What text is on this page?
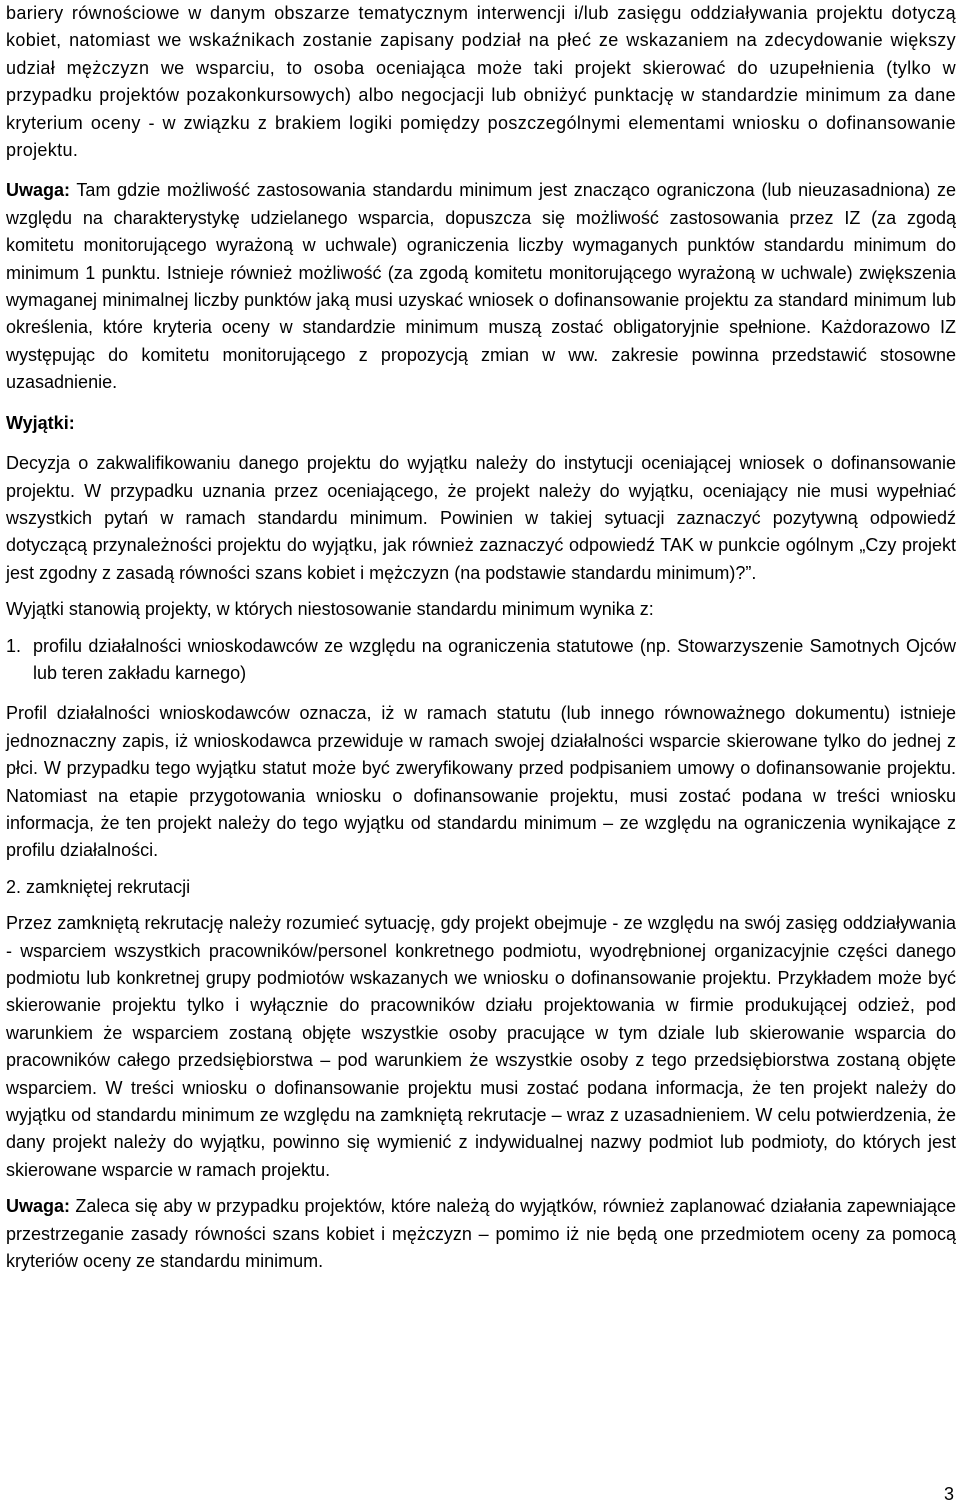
bariery równościowe w danym obszarze tematycznym interwencji i/lub zasięgu oddziaływania projektu dotyczą kobiet, natomiast we wskaźnikach zostanie zapisany podział na płeć ze wskazaniem na zdecydowanie większy udział mężczyzn we wsparciu, to osoba oceniająca może taki projekt skierować do uzupełnienia (tylko w przypadku projektów pozakonkursowych) albo negocjacji lub obniżyć punktację w standardzie minimum za dane kryterium oceny - w związku z brakiem logiki pomiędzy poszczególnymi elementami wniosku o dofinansowanie projektu.

Uwaga: Tam gdzie możliwość zastosowania standardu minimum jest znacząco ograniczona (lub nieuzasadniona) ze względu na charakterystykę udzielanego wsparcia, dopuszcza się możliwość zastosowania przez IZ (za zgodą komitetu monitorującego wyrażoną w uchwale) ograniczenia liczby wymaganych punktów standardu minimum do minimum 1 punktu. Istnieje również możliwość (za zgodą komitetu monitorującego wyrażoną w uchwale) zwiększenia wymaganej minimalnej liczby punktów jaką musi uzyskać wniosek o dofinansowanie projektu za standard minimum lub określenia, które kryteria oceny w standardzie minimum muszą zostać obligatoryjnie spełnione. Każdorazowo IZ występując do komitetu monitorującego z propozycją zmian w ww. zakresie powinna przedstawić stosowne uzasadnienie.

Wyjątki:

Decyzja o zakwalifikowaniu danego projektu do wyjątku należy do instytucji oceniającej wniosek o dofinansowanie projektu. W przypadku uznania przez oceniającego, że projekt należy do wyjątku, oceniający nie musi wypełniać wszystkich pytań w ramach standardu minimum. Powinien w takiej sytuacji zaznaczyć pozytywną odpowiedź dotyczącą przynależności projektu do wyjątku, jak również zaznaczyć odpowiedź TAK w punkcie ogólnym „Czy projekt jest zgodny z zasadą równości szans kobiet i mężczyzn (na podstawie standardu minimum)?”.

Wyjątki stanowią projekty, w których niestosowanie standardu minimum wynika z:

1. profilu działalności wnioskodawców ze względu na ograniczenia statutowe (np. Stowarzyszenie Samotnych Ojców lub teren zakładu karnego)

Profil działalności wnioskodawców oznacza, iż w ramach statutu (lub innego równoważnego dokumentu) istnieje jednoznaczny zapis, iż wnioskodawca przewiduje w ramach swojej działalności wsparcie skierowane tylko do jednej z płci. W przypadku tego wyjątku statut może być zweryfikowany przed podpisaniem umowy o dofinansowanie projektu. Natomiast na etapie przygotowania wniosku o dofinansowanie projektu, musi zostać podana w treści wniosku informacja, że ten projekt należy do tego wyjątku od standardu minimum – ze względu na ograniczenia wynikające z profilu działalności.

2. zamkniętej rekrutacji

Przez zamkniętą rekrutację należy rozumieć sytuację, gdy projekt obejmuje - ze względu na swój zasięg oddziaływania - wsparciem wszystkich pracowników/personel konkretnego podmiotu, wyodrębnionej organizacyjnie części danego podmiotu lub konkretnej grupy podmiotów wskazanych we wniosku o dofinansowanie projektu. Przykładem może być skierowanie projektu tylko i wyłącznie do pracowników działu projektowania w firmie produkującej odzież, pod warunkiem że wsparciem zostaną objęte wszystkie osoby pracujące w tym dziale lub skierowanie wsparcia do pracowników całego przedsiębiorstwa – pod warunkiem że wszystkie osoby z tego przedsiębiorstwa zostaną objęte wsparciem. W treści wniosku o dofinansowanie projektu musi zostać podana informacja, że ten projekt należy do wyjątku od standardu minimum ze względu na zamkniętą rekrutacje – wraz z uzasadnieniem. W celu potwierdzenia, że dany projekt należy do wyjątku, powinno się wymienić z indywidualnej nazwy podmiot lub podmioty, do których jest skierowane wsparcie w ramach projektu.

Uwaga: Zaleca się aby w przypadku projektów, które należą do wyjątków, również zaplanować działania zapewniające przestrzeganie zasady równości szans kobiet i mężczyzn – pomimo iż nie będą one przedmiotem oceny za pomocą kryteriów oceny ze standardu minimum.

3
